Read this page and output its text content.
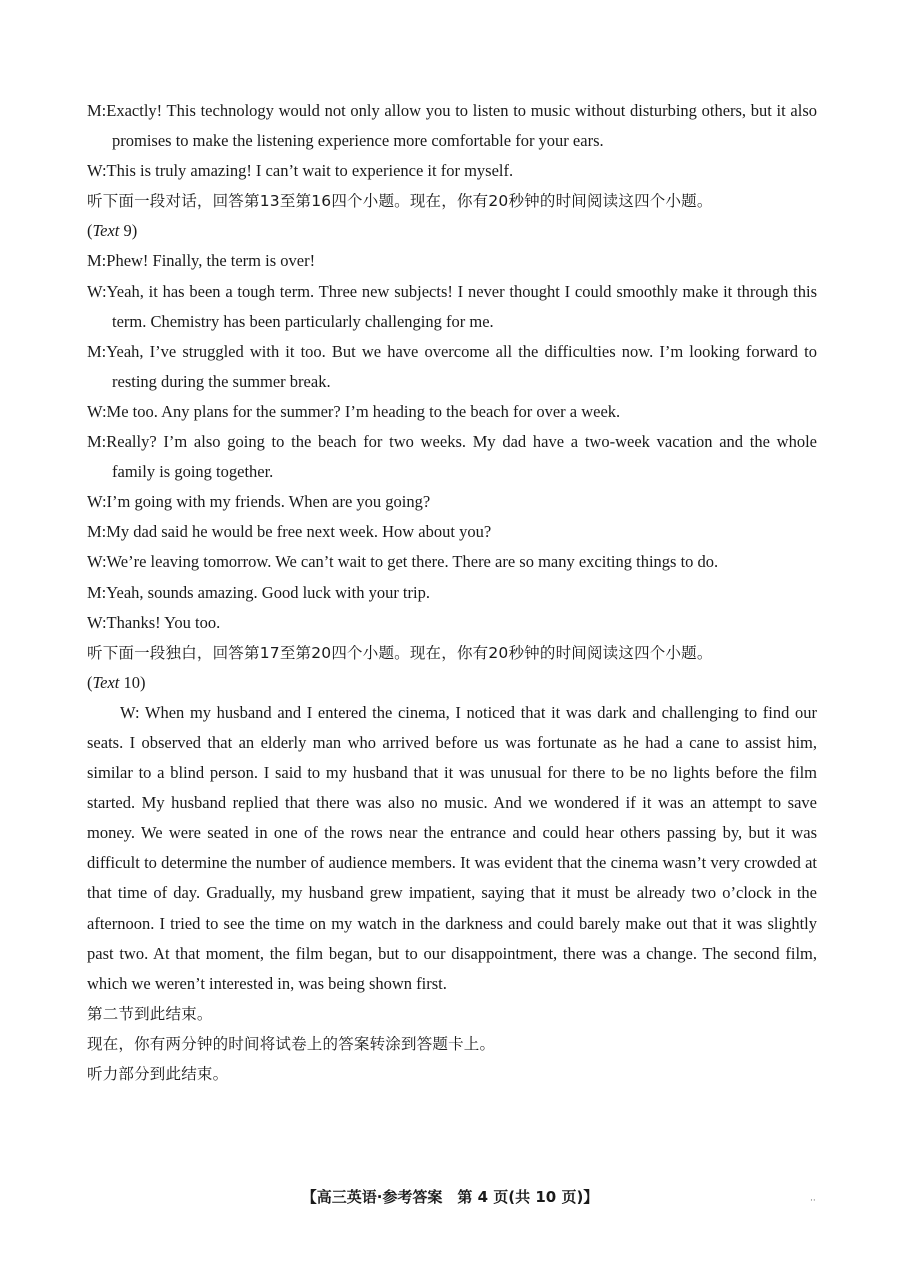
M:Exactly! This technology would not only allow you to listen to music without disturbing others, but it also promises to make the listening experience more comfortable for your ears.
W:This is truly amazing! I can’t wait to experience it for myself.
听下面一段对话，回答第13至第16四个小题。现在，你有20秒钟的时间阅读这四个小题。
(Text 9)
M:Phew! Finally, the term is over!
W:Yeah, it has been a tough term. Three new subjects! I never thought I could smoothly make it through this term. Chemistry has been particularly challenging for me.
M:Yeah, I’ve struggled with it too. But we have overcome all the difficulties now. I’m looking forward to resting during the summer break.
W:Me too. Any plans for the summer? I’m heading to the beach for over a week.
M:Really? I’m also going to the beach for two weeks. My dad have a two-week vacation and the whole family is going together.
W:I’m going with my friends. When are you going?
M:My dad said he would be free next week. How about you?
W:We’re leaving tomorrow. We can’t wait to get there. There are so many exciting things to do.
M:Yeah, sounds amazing. Good luck with your trip.
W:Thanks! You too.
听下面一段独白，回答第17至第20四个小题。现在，你有20秒钟的时间阅读这四个小题。
(Text 10)
W: When my husband and I entered the cinema, I noticed that it was dark and challenging to find our seats. I observed that an elderly man who arrived before us was fortunate as he had a cane to assist him, similar to a blind person. I said to my husband that it was unusual for there to be no lights before the film started. My husband replied that there was also no music. And we wondered if it was an attempt to save money. We were seated in one of the rows near the entrance and could hear others passing by, but it was difficult to determine the number of audience members. It was evident that the cinema wasn’t very crowded at that time of day. Gradually, my husband grew impatient, saying that it must be already two o’clock in the afternoon. I tried to see the time on my watch in the darkness and could barely make out that it was slightly past two. At that moment, the film began, but to our disappointment, there was a change. The second film, which we weren’t interested in, was being shown first.
第二节到此结束。
现在，你有两分钟的时间将试卷上的答案转涂到答题卡上。
听力部分到此结束。
【高三英语·参考答案　第 4 页(共 10 页)】	··
